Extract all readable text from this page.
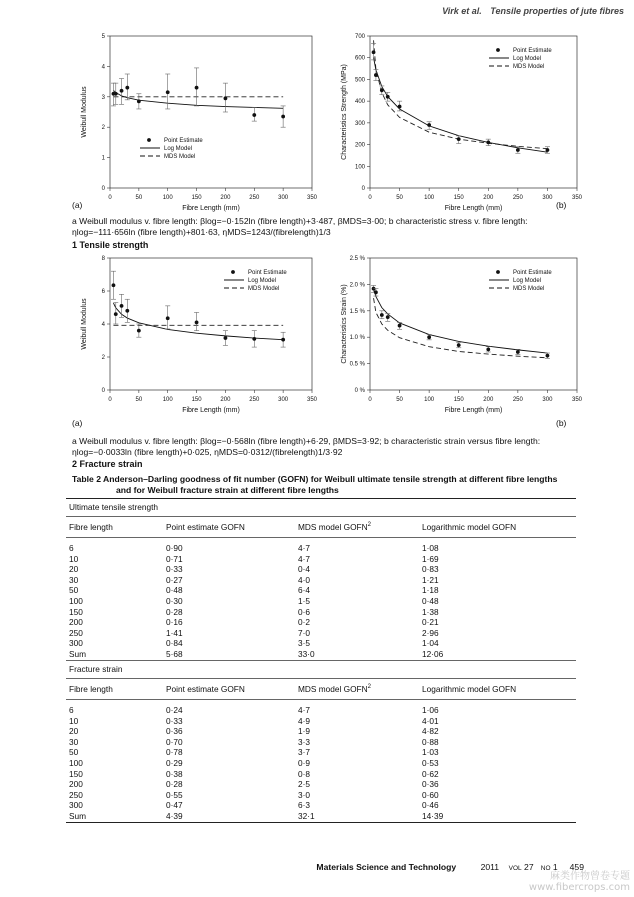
Virk et al. Tensile properties of jute fibres
0	50	100	150	200	250	300	350
0
1
2
3
4
5
Fibre Length (mm)
Weibull Modulus
Point Estimate
Log Model
MDS Model
0	50	100	150	200	250	300	350
0
100
200
300
400
500
600
700
Fibre Length (mm)
Characteristics Strength (MPa)
Point Estimate
Log Model
MDS Model
(a)	(b)
a Weibull modulus v. fibre length: βlog=−0·152ln (fibre length)+3·487, βMDS=3·00; b characteristic stress v. fibre length: ηlog=−111·656ln (fibre length)+801·63, ηMDS=1243/(fibrelength)1/3
1 Tensile strength
0	50	100	150	200	250	300	350
0
2
4
6
8
Fibre Length (mm)
Weibull Modulus
Point Estimate
Log Model
MDS Model
0	50	100	150	200	250	300	350
0 %
0.5 %
1.0 %
1.5 %
2.0 %
2.5 %
Fibre Length (mm)
Characteristics Strain (%)
Point Estimate
Log Model
MDS Model
(a)	(b)
a Weibull modulus v. fibre length: βlog=−0·568ln (fibre length)+6·29, βMDS=3·92; b characteristic strain versus fibre length: ηlog=−0·0033ln (fibre length)+0·025, ηMDS=0·0312/(fibrelength)1/3·92
2 Fracture strain
Table 2 Anderson–Darling goodness of fit number (GOFN) for Weibull ultimate tensile strength at different fibre lengths
and for Weibull fracture strain at different fibre lengths
Ultimate tensile strength
Fibre length	Point estimate GOFN	MDS model GOFN$^2$	Logarithmic model GOFN
6	0·90	4·7	1·08
10	0·71	4·7	1·69
20	0·33	0·4	0·83
30	0·27	4·0	1·21
50	0·48	6·4	1·18
100	0·30	1·5	0·48
150	0·28	0·6	1·38
200	0·16	0·2	0·21
250	1·41	7·0	2·96
300	0·84	3·5	1·04
Sum	5·68	33·0	12·06
Fracture strain
Fibre length	Point estimate GOFN	MDS model GOFN$^2$	Logarithmic model GOFN
6	0·24	4·7	1·06
10	0·33	4·9	4·01
20	0·36	1·9	4·82
30	0·70	3·3	0·88
50	0·78	3·7	1·03
100	0·29	0·9	0·53
150	0·38	0·8	0·62
200	0·28	2·5	0·36
250	0·55	3·0	0·60
300	0·47	6·3	0·46
Sum	4·39	32·1	14·39
Materials Science and Technology	2011 VOL 27 NO 1 459
麻类作物曾卷专题
www.fibercrops.com
